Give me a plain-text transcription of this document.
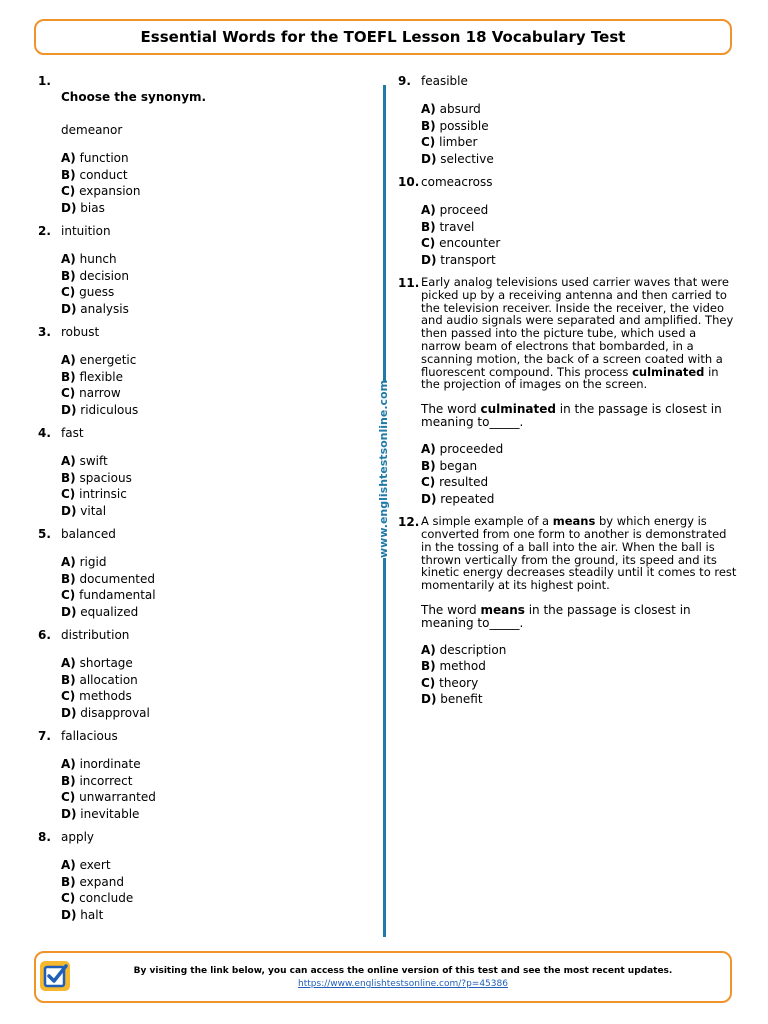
Essential Words for the TOEFL Lesson 18 Vocabulary Test
1.

Choose the synonym.
demeanor
A) function
B) conduct
C) expansion
D) bias
2. intuition
A) hunch
B) decision
C) guess
D) analysis
3. robust
A) energetic
B) flexible
C) narrow
D) ridiculous
4. fast
A) swift
B) spacious
C) intrinsic
D) vital
5. balanced
A) rigid
B) documented
C) fundamental
D) equalized
6. distribution
A) shortage
B) allocation
C) methods
D) disapproval
7. fallacious
A) inordinate
B) incorrect
C) unwarranted
D) inevitable
8. apply
A) exert
B) expand
C) conclude
D) halt
9. feasible
A) absurd
B) possible
C) limber
D) selective
10. comeacross
A) proceed
B) travel
C) encounter
D) transport
11. Early analog televisions used carrier waves that were picked up by a receiving antenna and then carried to the television receiver. Inside the receiver, the video and audio signals were separated and amplified. They then passed into the picture tube, which used a narrow beam of electrons that bombarded, in a scanning motion, the back of a screen coated with a fluorescent compound. This process culminated in the projection of images on the screen.
The word culminated in the passage is closest in meaning to_____.
A) proceeded
B) began
C) resulted
D) repeated
12. A simple example of a means by which energy is converted from one form to another is demonstrated in the tossing of a ball into the air. When the ball is thrown vertically from the ground, its speed and its kinetic energy decreases steadily until it comes to rest momentarily at its highest point.
The word means in the passage is closest in meaning to_____.
A) description
B) method
C) theory
D) benefit
www.englishtestsonline.com
By visiting the link below, you can access the online version of this test and see the most recent updates.
https://www.englishtestsonline.com/?p=45386
